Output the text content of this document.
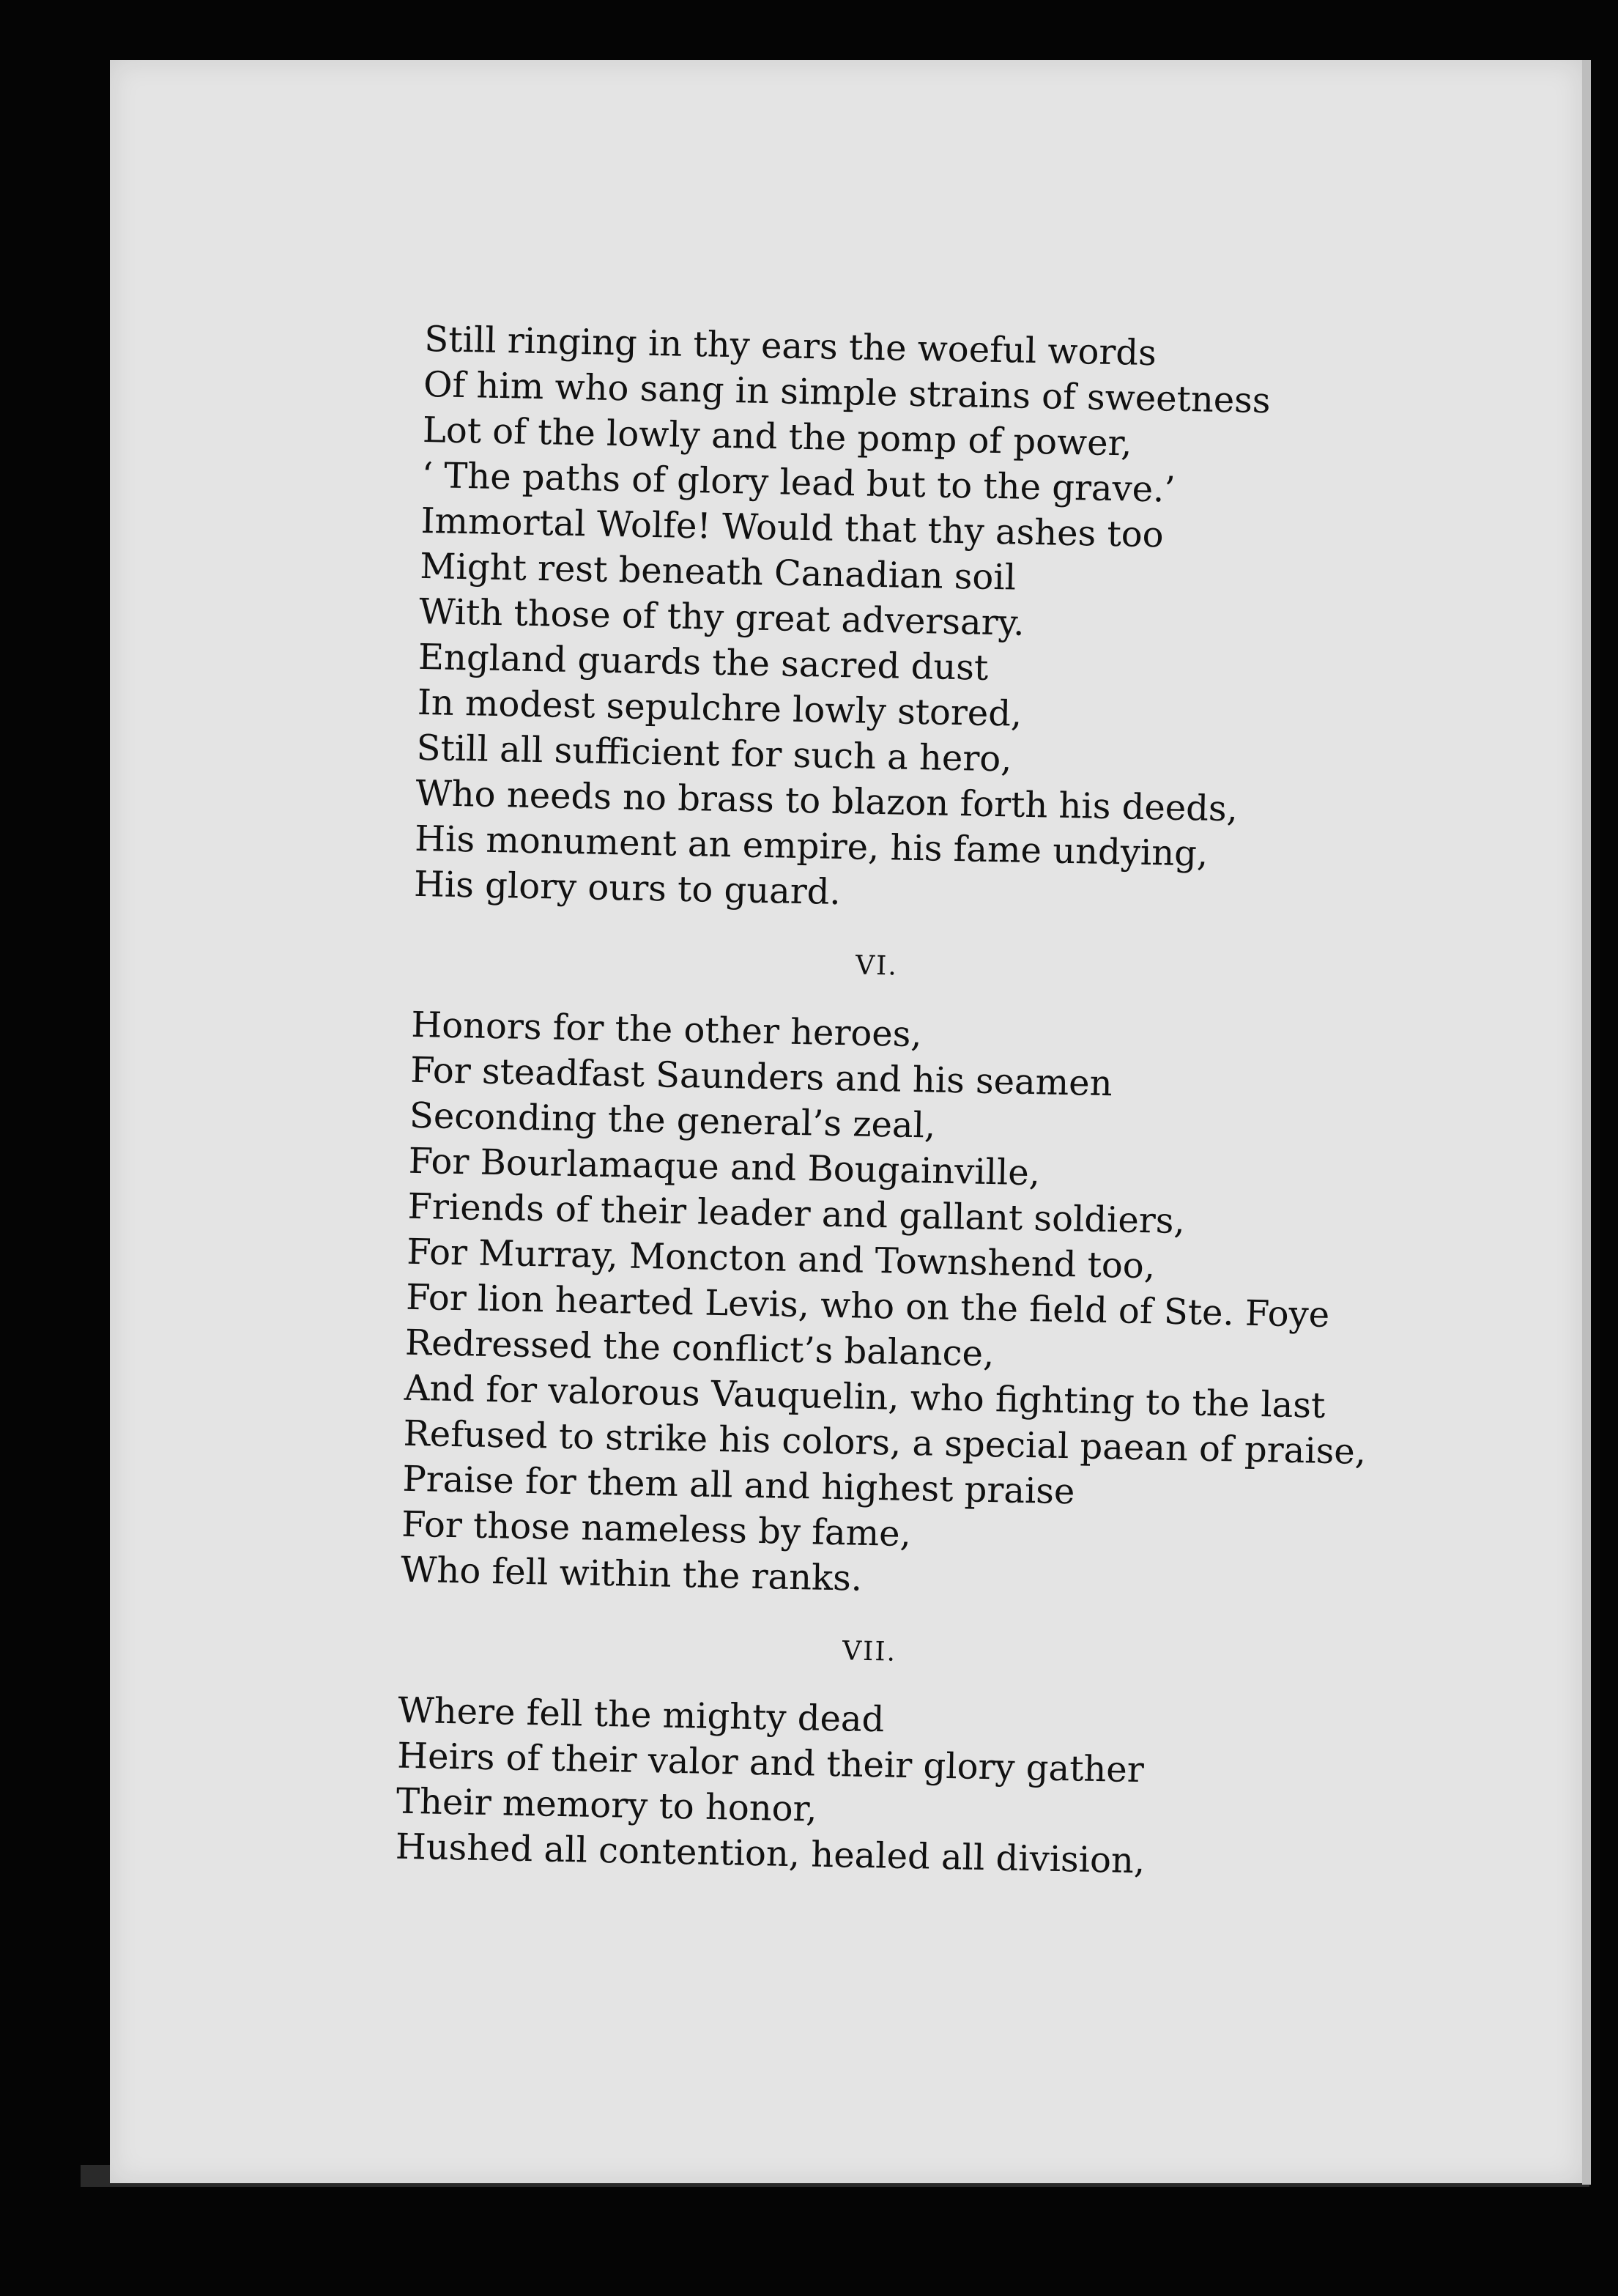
Still ringing in thy ears the woeful words
Of him who sang in simple strains of sweetness
Lot of the lowly and the pomp of power,
‘ The paths of glory lead but to the grave.’
Immortal Wolfe! Would that thy ashes too
Might rest beneath Canadian soil
With those of thy great adversary.
England guards the sacred dust
In modest sepulchre lowly stored,
Still all sufficient for such a hero,
Who needs no brass to blazon forth his deeds,
His monument an empire, his fame undying,
His glory ours to guard.
VI.
Honors for the other heroes,
For steadfast Saunders and his seamen
Seconding the general’s zeal,
For Bourlamaque and Bougainville,
Friends of their leader and gallant soldiers,
For Murray, Moncton and Townshend too,
For lion hearted Levis, who on the field of Ste. Foye
Redressed the conflict’s balance,
And for valorous Vauquelin, who fighting to the last
Refused to strike his colors, a special paean of praise,
Praise for them all and highest praise
For those nameless by fame,
Who fell within the ranks.
VII.
Where fell the mighty dead
Heirs of their valor and their glory gather
Their memory to honor,
Hushed all contention, healed all division,
